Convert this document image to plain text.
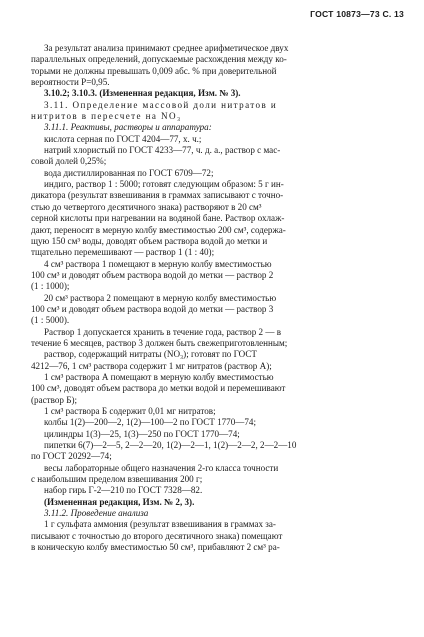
ГОСТ 10873—73 С. 13

За результат анализа принимают среднее арифметическое двух

параллельных определений, допускаемые расхождения между ко-

торыми не должны превышать 0,009 абс. % при доверительной

вероятности P=0,95.

3.10.2; 3.10.3. (Измененная редакция, Изм. № 3).

3.11. Определение массовой доли нитратов и

нитритов в пересчете на NO₃

3.11.1. Реактивы, растворы и аппаратура:

кислота серная по ГОСТ 4204—77, х. ч.;

натрий хлористый по ГОСТ 4233—77, ч. д. а., раствор с мас-

совой долей 0,25%;

вода дистиллированная по ГОСТ 6709—72;

индиго, раствор 1 : 5000; готовят следующим образом: 5 г ин-

дикатора (результат взвешивания в граммах записывают с точно-

стью до четвертого десятичного знака) растворяют в 20 см³

серной кислоты при нагревании на водяной бане. Раствор охлаж-

дают, переносят в мерную колбу вместимостью 200 см³, содержа-

щую 150 см³ воды, доводят объем раствора водой до метки и

тщательно перемешивают — раствор 1 (1 : 40);

4 см³ раствора 1 помещают в мерную колбу вместимостью

100 см³ и доводят объем раствора водой до метки — раствор 2

(1 : 1000);

20 см³ раствора 2 помещают в мерную колбу вместимостью

100 см³ и доводят объем раствора водой до метки — раствор 3

(1 : 5000).

Раствор 1 допускается хранить в течение года, раствор 2 — в

течение 6 месяцев, раствор 3 должен быть свежеприготовленным;

раствор, содержащий нитраты (NO₃); готовят по ГОСТ

4212—76, 1 см³ раствора содержит 1 мг нитратов (раствор А);

1 см³ раствора А помещают в мерную колбу вместимостью

100 см³, доводят объем раствора до метки водой и перемешивают

(раствор Б);

1 см³ раствора Б содержит 0,01 мг нитратов;

колбы 1(2)—200—2, 1(2)—100—2 по ГОСТ 1770—74;

цилиндры 1(3)—25, 1(3)—250 по ГОСТ 1770—74;

пипетки 6(7)—2—5, 2—2—20, 1(2)—2—1, 1(2)—2—2, 2—2—10

по ГОСТ 20292—74;

весы лабораторные общего назначения 2-го класса точности

с наибольшим пределом взвешивания 200 г;

набор гирь Г-2—210 по ГОСТ 7328—82.

(Измененная редакция, Изм. № 2, 3).

3.11.2. Проведение анализа

1 г сульфата аммония (результат взвешивания в граммах за-

писывают с точностью до второго десятичного знака) помещают

в коническую колбу вместимостью 50 см³, прибавляют 2 см³ ра-
